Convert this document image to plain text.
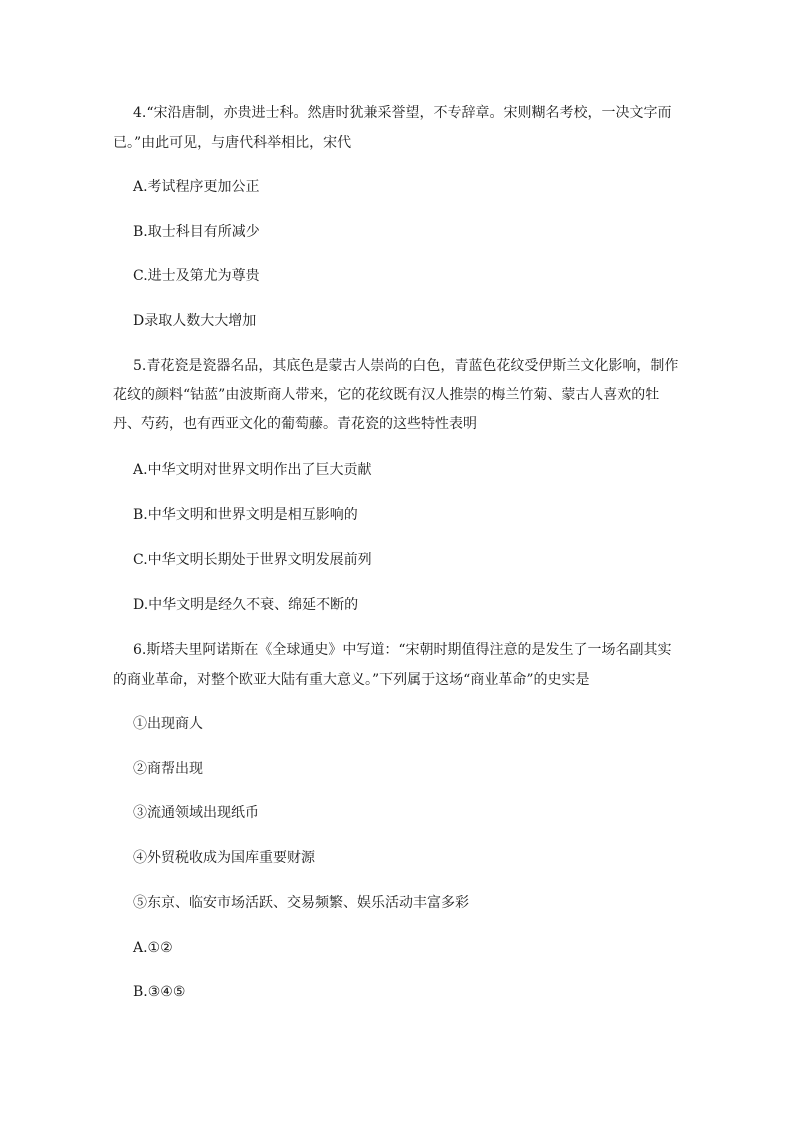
4.“宋沿唐制，亦贵进士科。然唐时犹兼采誉望，不专辞章。宋则糊名考校，一决文字而
已。”由此可见，与唐代科举相比，宋代
A.考试程序更加公正
B.取士科目有所减少
C.进士及第尤为尊贵
D录取人数大大增加
5.青花瓷是瓷器名品，其底色是蒙古人崇尚的白色，青蓝色花纹受伊斯兰文化影响，制作
花纹的颜料“钴蓝”由波斯商人带来，它的花纹既有汉人推崇的梅兰竹菊、蒙古人喜欢的牡
丹、芍药，也有西亚文化的葡萄藤。青花瓷的这些特性表明
A.中华文明对世界文明作出了巨大贡献
B.中华文明和世界文明是相互影响的
C.中华文明长期处于世界文明发展前列
D.中华文明是经久不衰、绵延不断的
6.斯塔夫里阿诺斯在《全球通史》中写道：“宋朝时期值得注意的是发生了一场名副其实
的商业革命，对整个欧亚大陆有重大意义。”下列属于这场“商业革命”的史实是
①出现商人
②商帮出现
③流通领域出现纸币
④外贸税收成为国库重要财源
⑤东京、临安市场活跃、交易频繁、娱乐活动丰富多彩
A.①②
B.③④⑤
